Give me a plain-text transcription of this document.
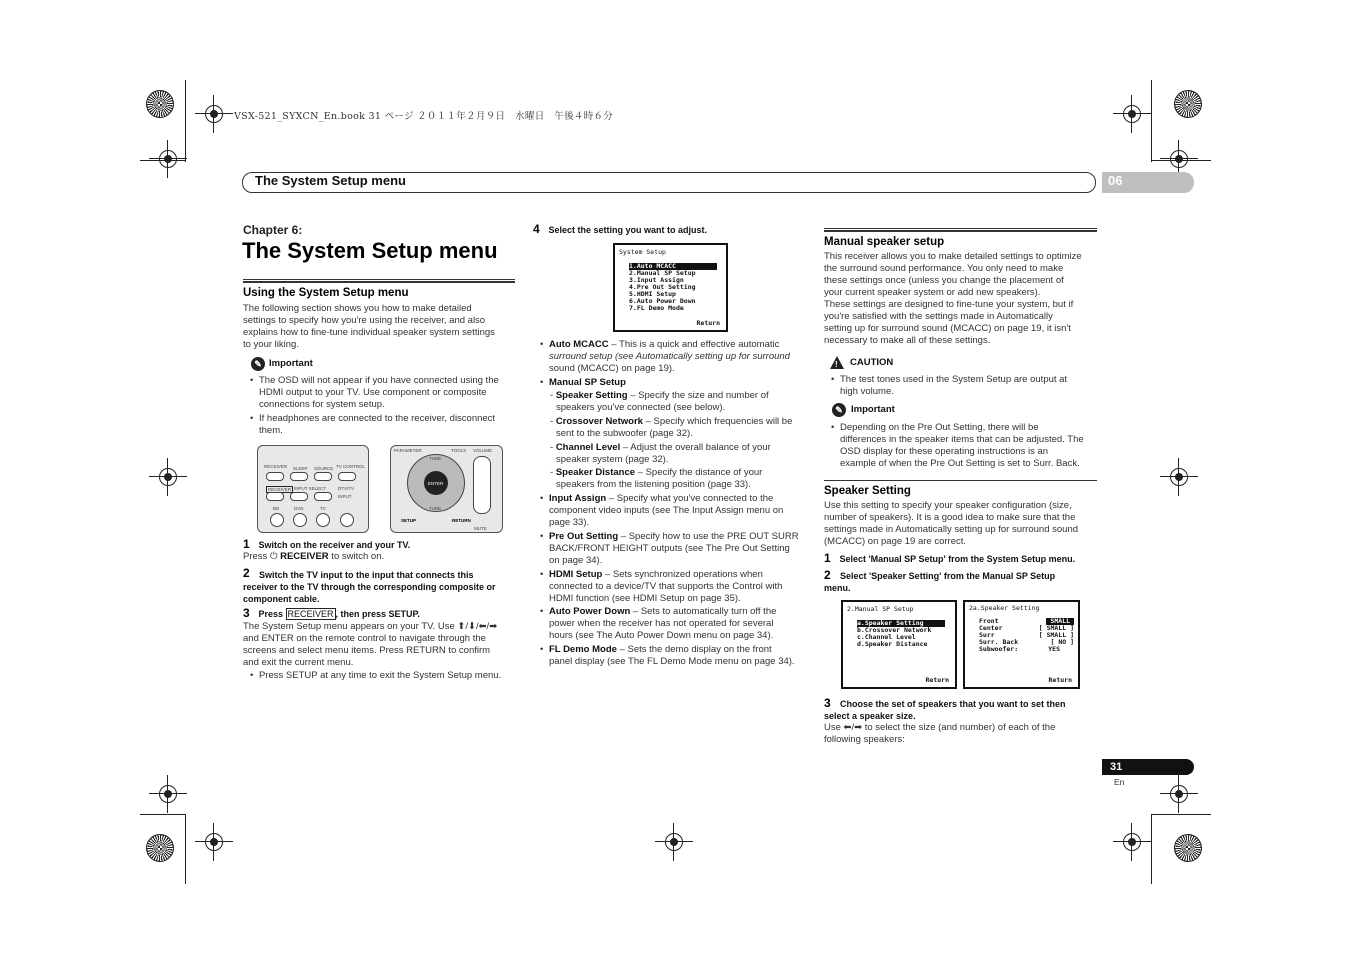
VSX-521_SYXCN_En.book 31 ページ ２０１１年２月９日　水曜日　午後４時６分
The System Setup menu	06
Chapter 6:
The System Setup menu
Using the System Setup menu
The following section shows you how to make detailed
settings to specify how you're using the receiver, and also
explains how to fine-tune individual speaker system settings
to your liking.
✎ Important
• The OSD will not appear if you have connected using the
HDMI output to your TV. Use component or composite
connections for system setup.
• If headphones are connected to the receiver, disconnect
them.
RECEIVER SLEEP SOURCE TV CONTROL
RECEIVER INPUT SELECT	DTV/TV
INPUT
BD	DVD	TV
PARAMETER	TOOLS VOLUME
TUNE
ENTER
TUNE
SETUP	RETURN
MUTE
1 Switch on the receiver and your TV.
Press ⏻ RECEIVER to switch on.
2	Switch the TV input to the input that connects this
receiver to the TV through the corresponding composite or
component cable.
3 Press RECEIVER , then press SETUP.
The System Setup menu appears on your TV. Use ⬆/⬇/⬅/➡
and ENTER on the remote control to navigate through the
screens and select menu items. Press RETURN to confirm
and exit the current menu.
• Press SETUP at any time to exit the System Setup menu.
4 Select the setting you want to adjust.
System Setup
1.Auto MCACC
2.Manual SP Setup
3.Input Assign
4.Pre Out Setting
5.HDMI Setup
6.Auto Power Down
7.FL Demo Mode
Return
• Auto MCACC – This is a quick and effective automatic
surround setup (see Automatically setting up for surround
sound (MCACC) on page 19).
• Manual SP Setup
- Speaker Setting – Specify the size and number of
speakers you've connected (see below).
- Crossover Network – Specify which frequencies will be
sent to the subwoofer (page 32).
- Channel Level – Adjust the overall balance of your
speaker system (page 32).
- Speaker Distance – Specify the distance of your
speakers from the listening position (page 33).
• Input Assign – Specify what you've connected to the
component video inputs (see The Input Assign menu on
page 33).
• Pre Out Setting – Specify how to use the PRE OUT SURR
BACK/FRONT HEIGHT outputs (see The Pre Out Setting
on page 34).
• HDMI Setup – Sets synchronized operations when
connected to a device/TV that supports the Control with
HDMI function (see HDMI Setup on page 35).
• Auto Power Down – Sets to automatically turn off the
power when the receiver has not operated for several
hours (see The Auto Power Down menu on page 34).
• FL Demo Mode – Sets the demo display on the front
panel display (see The FL Demo Mode menu on page 34).
Manual speaker setup
This receiver allows you to make detailed settings to optimize
the surround sound performance. You only need to make
these settings once (unless you change the placement of
your current speaker system or add new speakers).
These settings are designed to fine-tune your system, but if
you're satisfied with the settings made in Automatically
setting up for surround sound (MCACC) on page 19, it isn't
necessary to make all of these settings.
! CAUTION
• The test tones used in the System Setup are output at
high volume.
✎ Important
• Depending on the Pre Out Setting, there will be
differences in the speaker items that can be adjusted. The
OSD display for these operating instructions is an
example of when the Pre Out Setting is set to Surr. Back.
Speaker Setting
Use this setting to specify your speaker configuration (size,
number of speakers). It is a good idea to make sure that the
settings made in Automatically setting up for surround sound
(MCACC) on page 19 are correct.
1 Select 'Manual SP Setup' from the System Setup menu.
2	Select 'Speaker Setting' from the Manual SP Setup
menu.
2.Manual SP Setup
a.Speaker Setting
b.Crossover Network
c.Channel Level
d.Speaker Distance
Return
2a.Speaker Setting
Front	SMALL
Center	[ SMALL ]
Surr	[ SMALL ]
Surr. Back	[ NO ]
Subwoofer:	YES
Return
3	Choose the set of speakers that you want to set then
select a speaker size.
Use ⬅/➡ to select the size (and number) of each of the
following speakers:
31
En
